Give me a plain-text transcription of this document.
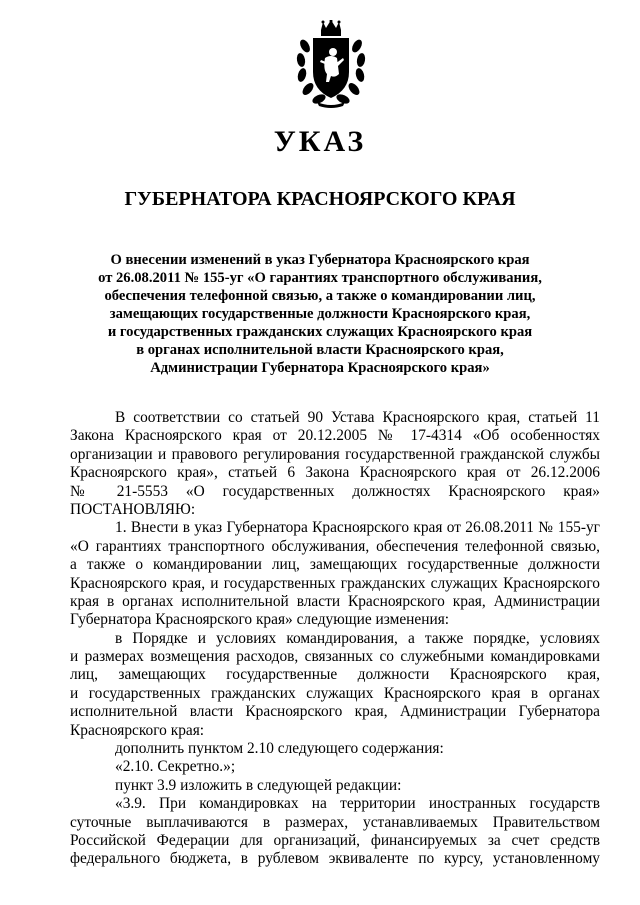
УКАЗ
ГУБЕРНАТОРА КРАСНОЯРСКОГО КРАЯ
О внесении изменений в указ Губернатора Красноярского края
от 26.08.2011 № 155-уг «О гарантиях транспортного обслуживания,
обеспечения телефонной связью, а также о командировании лиц,
замещающих государственные должности Красноярского края,
и государственных гражданских служащих Красноярского края
в органах исполнительной власти Красноярского края,
Администрации Губернатора Красноярского края»
В соответствии со статьей 90 Устава Красноярского края, статьей 11
Закона Красноярского края от 20.12.2005 № 17-4314 «Об особенностях
организации и правового регулирования государственной гражданской службы
Красноярского края», статьей 6 Закона Красноярского края от 26.12.2006
№ 21-5553 «О государственных должностях Красноярского края»
ПОСТАНОВЛЯЮ:
1. Внести в указ Губернатора Красноярского края от 26.08.2011 № 155-уг
«О гарантиях транспортного обслуживания, обеспечения телефонной связью,
а также о командировании лиц, замещающих государственные должности
Красноярского края, и государственных гражданских служащих Красноярского
края в органах исполнительной власти Красноярского края, Администрации
Губернатора Красноярского края» следующие изменения:
в Порядке и условиях командирования, а также порядке, условиях
и размерах возмещения расходов, связанных со служебными командировками
лиц, замещающих государственные должности Красноярского края,
и государственных гражданских служащих Красноярского края в органах
исполнительной власти Красноярского края, Администрации Губернатора
Красноярского края:
дополнить пунктом 2.10 следующего содержания:
«2.10. Секретно.»;
пункт 3.9 изложить в следующей редакции:
«3.9. При командировках на территории иностранных государств
суточные выплачиваются в размерах, устанавливаемых Правительством
Российской Федерации для организаций, финансируемых за счет средств
федерального бюджета, в рублевом эквиваленте по курсу, установленному
